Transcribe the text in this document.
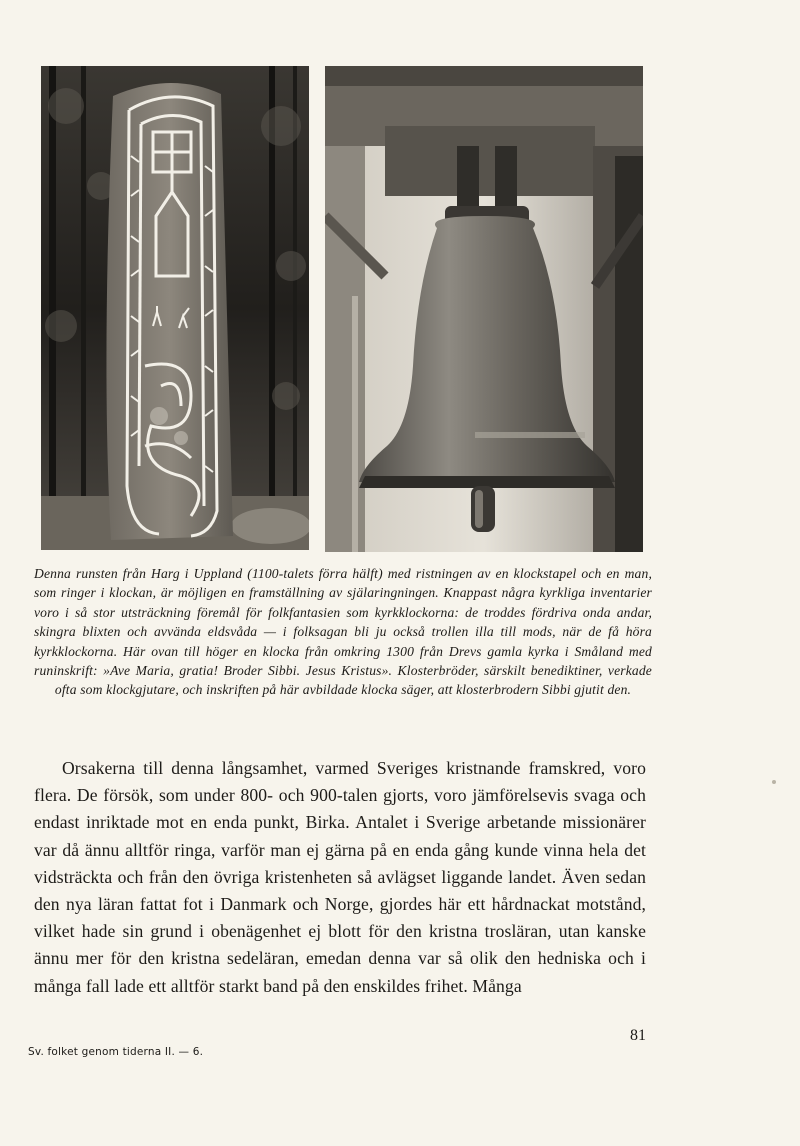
Denna runsten från Harg i Uppland (1100-talets förra hälft) med ristningen av en klockstapel och en man, som ringer i klockan, är möjligen en framställning av själaringningen. Knappast några kyrkliga inventarier voro i så stor utsträckning föremål för folkfantasien som kyrkklockorna: de troddes fördriva onda andar, skingra blixten och avvända eldsvåda — i folksagan bli ju också trollen illa till mods, när de få höra kyrkklockorna. Här ovan till höger en klocka från omkring 1300 från Drevs gamla kyrka i Småland med runinskrift: »Ave Maria, gratia! Broder Sibbi. Jesus Kristus». Klosterbröder, särskilt benediktiner, verkade ofta som klockgjutare, och inskriften på här avbildade klocka säger, att klosterbrodern Sibbi gjutit den.

Orsakerna till denna långsamhet, varmed Sveriges kristnande framskred, voro flera. De försök, som under 800- och 900-talen gjorts, voro jämförelsevis svaga och endast inriktade mot en enda punkt, Birka. Antalet i Sverige arbetande missionärer var då ännu alltför ringa, varför man ej gärna på en enda gång kunde vinna hela det vidsträckta och från den övriga kristenheten så avlägset liggande landet. Även sedan den nya läran fattat fot i Danmark och Norge, gjordes här ett hårdnackat motstånd, vilket hade sin grund i obenägenhet ej blott för den kristna trosläran, utan kanske ännu mer för den kristna sedeläran, emedan denna var så olik den hedniska och i många fall lade ett alltför starkt band på den enskildes frihet. Många

81
Sv. folket genom tiderna II. — 6.
